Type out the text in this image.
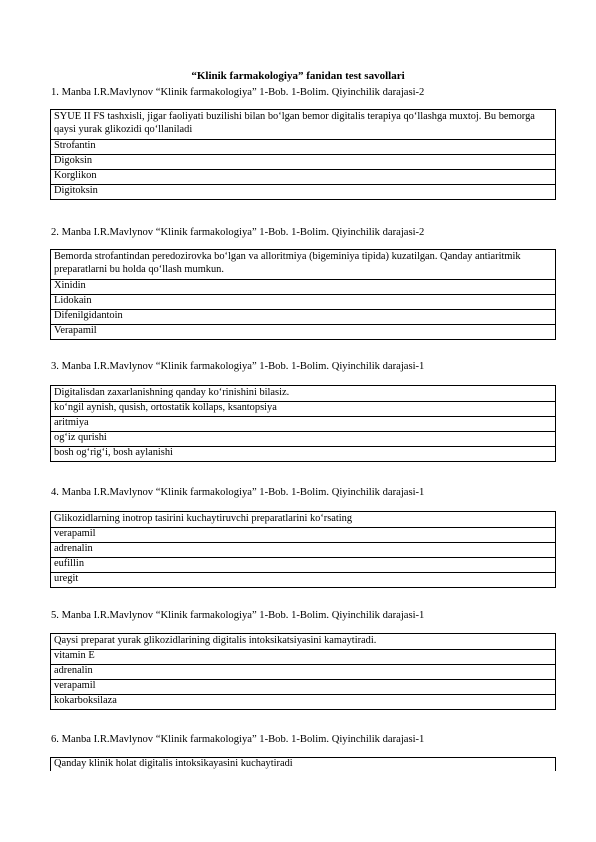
“Klinik farmakologiya” fanidan test savollari
1. Manba I.R.Mavlynov “Klinik farmakologiya” 1-Bob. 1-Bolim. Qiyinchilik darajasi-2
SYUE II FS tashxisli, jigar faoliyati buzilishi bilan bo‘lgan bemor digitalis terapiya qo‘llashga muxtoj. Bu bemorga qaysi yurak glikozidi qo‘llaniladi
Strofantin
Digoksin
Korglikon
Digitoksin
2. Manba I.R.Mavlynov “Klinik farmakologiya” 1-Bob. 1-Bolim. Qiyinchilik darajasi-2
Bemorda strofantindan peredozirovka bo‘lgan va alloritmiya (bigeminiya tipida) kuzatilgan. Qanday antiaritmik preparatlarni bu holda qo‘llash mumkun.
Xinidin
Lidokain
Difenilgidantoin
Verapamil
3. Manba I.R.Mavlynov “Klinik farmakologiya” 1-Bob. 1-Bolim. Qiyinchilik darajasi-1
Digitalisdan zaxarlanishning qanday ko‘rinishini bilasiz.
ko‘ngil aynish, qusish, ortostatik kollaps, ksantopsiya
aritmiya
og‘iz qurishi
bosh og‘rig‘i, bosh aylanishi
4. Manba I.R.Mavlynov “Klinik farmakologiya” 1-Bob. 1-Bolim. Qiyinchilik darajasi-1
Glikozidlarning inotrop tasirini kuchaytiruvchi preparatlarini ko‘rsating
verapamil
adrenalin
eufillin
uregit
5. Manba I.R.Mavlynov “Klinik farmakologiya” 1-Bob. 1-Bolim. Qiyinchilik darajasi-1
Qaysi preparat yurak glikozidlarining digitalis intoksikatsiyasini kamaytiradi.
vitamin E
adrenalin
verapamil
kokarboksilaza
6. Manba I.R.Mavlynov “Klinik farmakologiya” 1-Bob. 1-Bolim. Qiyinchilik darajasi-1
Qanday klinik holat digitalis intoksikayasini kuchaytiradi
